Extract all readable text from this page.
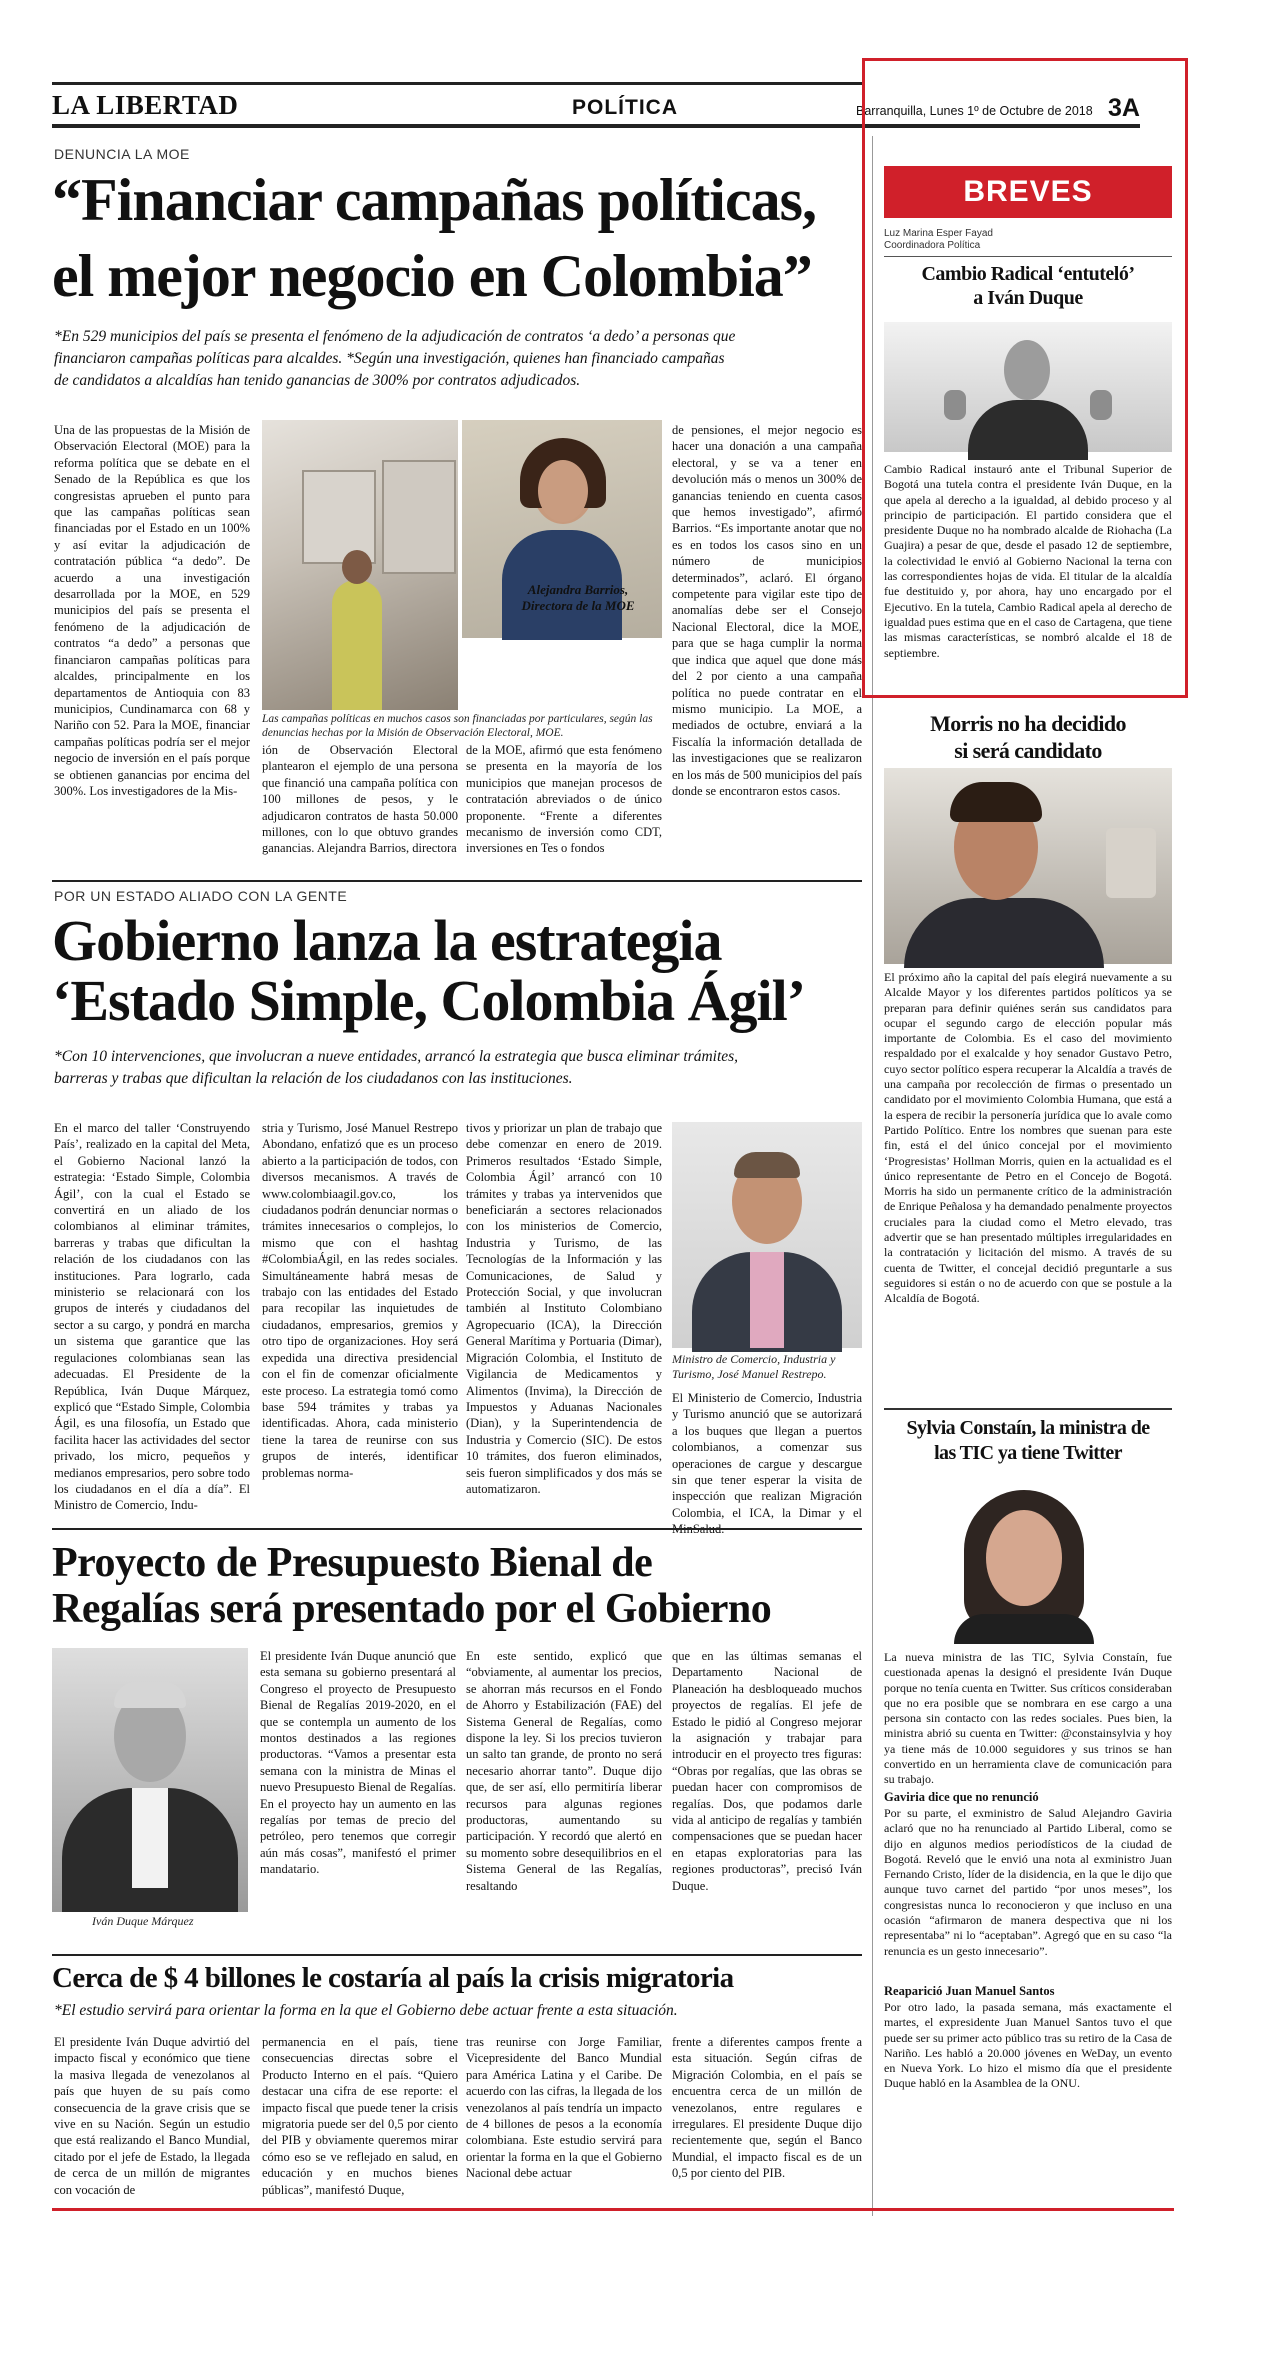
LA LIBERTAD	POLÍTICA	Barranquilla, Lunes 1º de Octubre de 2018 3A
DENUNCIA LA MOE
“Financiar campañas políticas,
el mejor negocio en Colombia”
*En 529 municipios del país se presenta el fenómeno de la adjudicación de contratos ‘a dedo’ a personas que
financiaron campañas políticas para alcaldes. *Según una investigación, quienes han financiado campañas
de candidatos a alcaldías han tenido ganancias de 300% por contratos adjudicados.
Una de las propuestas de la Misión de Observación Electoral (MOE) para la reforma política que se debate en el Senado de la República es que los congresistas aprueben el punto para que las campañas políticas sean financiadas por el Estado en un 100% y así evitar la adjudicación de contratación pública “a dedo”. De acuerdo a una investigación desarrollada por la MOE, en 529 municipios del país se presenta el fenómeno de la adjudicación de contratos “a dedo” a personas que financiaron campañas políticas para alcaldes, principalmente en los departamentos de Antioquia con 83 municipios, Cundinamarca con 68 y Nariño con 52. Para la MOE, financiar campañas políticas podría ser el mejor negocio de inversión en el país porque se obtienen ganancias por encima del 300%. Los investigadores de la Mis-
Alejandra Barrios,
Directora de la MOE
Las campañas políticas en muchos casos son financiadas por particulares, según las denuncias hechas por la Misión de Observación Electoral, MOE.
ión de Observación Electoral plantearon el ejemplo de una persona que financió una campaña política con 100 millones de pesos, y le adjudicaron contratos de hasta 50.000 millones, con lo que obtuvo grandes ganancias. Alejandra Barrios, directora
de la MOE, afirmó que esta fenómeno se presenta en la mayoría de los municipios que manejan procesos de contratación abreviados o de único proponente. “Frente a diferentes mecanismo de inversión como CDT, inversiones en Tes o fondos
de pensiones, el mejor negocio es hacer una donación a una campaña electoral, y se va a tener en devolución más o menos un 300% de ganancias teniendo en cuenta casos que hemos investigado”, afirmó Barrios. “Es importante anotar que no es en todos los casos sino en un número de municipios determinados”, aclaró. El órgano competente para vigilar este tipo de anomalías debe ser el Consejo Nacional Electoral, dice la MOE, para que se haga cumplir la norma que indica que aquel que done más del 2 por ciento a una campaña política no puede contratar en el mismo municipio. La MOE, a mediados de octubre, enviará a la Fiscalía la información detallada de las investigaciones que se realizaron en los más de 500 municipios del país donde se encontraron estos casos.
POR UN ESTADO ALIADO CON LA GENTE
Gobierno lanza la estrategia
‘Estado Simple, Colombia Ágil’
*Con 10 intervenciones, que involucran a nueve entidades, arrancó la estrategia que busca eliminar trámites,
barreras y trabas que dificultan la relación de los ciudadanos con las instituciones.
En el marco del taller ‘Construyendo País’, realizado en la capital del Meta, el Gobierno Nacional lanzó la estrategia: ‘Estado Simple, Colombia Ágil’, con la cual el Estado se convertirá en un aliado de los colombianos al eliminar trámites, barreras y trabas que dificultan la relación de los ciudadanos con las instituciones. Para lograrlo, cada ministerio se relacionará con los grupos de interés y ciudadanos del sector a su cargo, y pondrá en marcha un sistema que garantice que las regulaciones colombianas sean las adecuadas. El Presidente de la República, Iván Duque Márquez, explicó que “Estado Simple, Colombia Ágil, es una filosofía, un Estado que facilita hacer las actividades del sector privado, los micro, pequeños y medianos empresarios, pero sobre todo los ciudadanos en el día a día”. El Ministro de Comercio, Indu-
stria y Turismo, José Manuel Restrepo Abondano, enfatizó que es un proceso abierto a la participación de todos, con diversos mecanismos. A través de www.colombiaagil.gov.co, los ciudadanos podrán denunciar normas o trámites innecesarios o complejos, lo mismo que con el hashtag #ColombiaÁgil, en las redes sociales. Simultáneamente habrá mesas de trabajo con las entidades del Estado para recopilar las inquietudes de ciudadanos, empresarios, gremios y otro tipo de organizaciones. Hoy será expedida una directiva presidencial con el fin de comenzar oficialmente este proceso. La estrategia tomó como base 594 trámites y trabas ya identificadas. Ahora, cada ministerio tiene la tarea de reunirse con sus grupos de interés, identificar problemas norma-
tivos y priorizar un plan de trabajo que debe comenzar en enero de 2019. Primeros resultados ‘Estado Simple, Colombia Ágil’ arrancó con 10 trámites y trabas ya intervenidos que beneficiarán a sectores relacionados con los ministerios de Comercio, Industria y Turismo, de las Tecnologías de la Información y las Comunicaciones, de Salud y Protección Social, y que involucran también al Instituto Colombiano Agropecuario (ICA), la Dirección General Marítima y Portuaria (Dimar), Migración Colombia, el Instituto de Vigilancia de Medicamentos y Alimentos (Invima), la Dirección de Impuestos y Aduanas Nacionales (Dian), y la Superintendencia de Industria y Comercio (SIC). De estos 10 trámites, dos fueron eliminados, seis fueron simplificados y dos más se automatizaron.
Ministro de Comercio, Industria y Turismo, José Manuel Restrepo.
El Ministerio de Comercio, Industria y Turismo anunció que se autorizará a los buques que llegan a puertos colombianos, a comenzar sus operaciones de cargue y descargue sin que tener esperar la visita de inspección que realizan Migración Colombia, el ICA, la Dimar y el
Proyecto de Presupuesto Bienal de
Regalías será presentado por el Gobierno
Iván Duque Márquez
El presidente Iván Duque anunció que esta semana su gobierno presentará al Congreso el proyecto de Presupuesto Bienal de Regalías 2019-2020, en el que se contempla un aumento de los montos destinados a las regiones productoras. “Vamos a presentar esta semana con la ministra de Minas el nuevo Presupuesto Bienal de Regalías. En el proyecto hay un aumento en las regalías por temas de precio del petróleo, pero tenemos que corregir aún más cosas”, manifestó el primer mandatario.
En este sentido, explicó que “obviamente, al aumentar los precios, se ahorran más recursos en el Fondo de Ahorro y Estabilización (FAE) del Sistema General de Regalías, como dispone la ley. Si los precios tuvieron un salto tan grande, de pronto no será necesario ahorrar tanto”. Duque dijo que, de ser así, ello permitiría liberar recursos para algunas regiones productoras, aumentando su participación. Y recordó que alertó en su momento sobre desequilibrios en el Sistema General de las Regalías, resaltando
que en las últimas semanas el Departamento Nacional de Planeación ha desbloqueado muchos proyectos de regalías. El jefe de Estado le pidió al Congreso mejorar la asignación y trabajar para introducir en el proyecto tres figuras: “Obras por regalías, que las obras se puedan hacer con compromisos de regalías. Dos, que podamos darle vida al anticipo de regalías y también compensaciones que se puedan hacer en etapas exploratorias para las regiones productoras”, precisó Iván Duque.
Cerca de $ 4 billones le costaría al país la crisis migratoria
*El estudio servirá para orientar la forma en la que el Gobierno debe actuar frente a esta situación.
El presidente Iván Duque advirtió del impacto fiscal y económico que tiene la masiva llegada de venezolanos al país que huyen de su país como consecuencia de la grave crisis que se vive en su Nación. Según un estudio que está realizando el Banco Mundial, citado por el jefe de Estado, la llegada de cerca de un millón de migrantes con vocación de
permanencia en el país, tiene consecuencias directas sobre el Producto Interno en el país. “Quiero destacar una cifra de ese reporte: el impacto fiscal que puede tener la crisis migratoria puede ser del 0,5 por ciento del PIB y obviamente queremos mirar cómo eso se ve reflejado en salud, en educación y en muchos bienes públicas”, manifestó Duque,
tras reunirse con Jorge Familiar, Vicepresidente del Banco Mundial para América Latina y el Caribe. De acuerdo con las cifras, la llegada de los venezolanos al país tendría un impacto de 4 billones de pesos a la economía colombiana. Este estudio servirá para orientar la forma en la que el Gobierno Nacional debe actuar
frente a diferentes campos frente a esta situación. Según cifras de Migración Colombia, en el país se encuentra cerca de un millón de venezolanos, entre regulares e irregulares. El presidente Duque dijo recientemente que, según el Banco Mundial, el impacto fiscal es de un 0,5 por ciento del PIB.
BREVES
Luz Marina Esper Fayad
Coordinadora Política
Cambio Radical ‘entuteló’
a Iván Duque
Cambio Radical instauró ante el Tribunal Superior de Bogotá una tutela contra el presidente Iván Duque, en la que apela al derecho a la igualdad, al debido proceso y al principio de participación. El partido considera que el presidente Duque no ha nombrado alcalde de Riohacha (La Guajira) a pesar de que, desde el pasado 12 de septiembre, la colectividad le envió al Gobierno Nacional la terna con las correspondientes hojas de vida. El titular de la alcaldía fue destituido y, por ahora, hay uno encargado por el Ejecutivo. En la tutela, Cambio Radical apela al derecho de igualdad pues estima que en el caso de Cartagena, que tiene las mismas características, se nombró alcalde el 18 de septiembre.
Morris no ha decidido
si será candidato
El próximo año la capital del país elegirá nuevamente a su Alcalde Mayor y los diferentes partidos políticos ya se preparan para definir quiénes serán sus candidatos para ocupar el segundo cargo de elección popular más importante de Colombia. Es el caso del movimiento respaldado por el exalcalde y hoy senador Gustavo Petro, cuyo sector político espera recuperar la Alcaldía a través de una campaña por recolección de firmas o presentado un candidato por el movimiento Colombia Humana, que está a la espera de recibir la personería jurídica que lo avale como Partido Político. Entre los nombres que suenan para este fin, está el del único concejal por el movimiento ‘Progresistas’ Hollman Morris, quien en la actualidad es el único representante de Petro en el Concejo de Bogotá. Morris ha sido un permanente crítico de la administración de Enrique Peñalosa y ha demandado penalmente proyectos cruciales para la ciudad como el Metro elevado, tras advertir que se han presentado múltiples irregularidades en la contratación y licitación del mismo. A través de su cuenta de Twitter, el concejal decidió preguntarle a sus seguidores si están o no de acuerdo con que se postule a la Alcaldía de Bogotá.
Sylvia Constaín, la ministra de
las TIC ya tiene Twitter
La nueva ministra de las TIC, Sylvia Constaín, fue cuestionada apenas la designó el presidente Iván Duque porque no tenía cuenta en Twitter. Sus críticos consideraban que no era posible que se nombrara en ese cargo a una persona sin contacto con las redes sociales. Pues bien, la ministra abrió su cuenta en Twitter: @constainsylvia y hoy ya tiene más de 10.000 seguidores y sus trinos se han convertido en un herramienta clave de comunicación para su trabajo.
Gaviria dice que no renunció
Por su parte, el exministro de Salud Alejandro Gaviria aclaró que no ha renunciado al Partido Liberal, como se dijo en algunos medios periodísticos de la ciudad de Bogotá. Reveló que le envió una nota al exministro Juan Fernando Cristo, líder de la disidencia, en la que le dijo que aunque tuvo carnet del partido “por unos meses”, los congresistas nunca lo reconocieron y que incluso en una ocasión “afirmaron de manera despectiva que ni los representaba” ni lo “aceptaban”. Agregó que en su caso “la renuncia es un gesto innecesario”.
Reaparició Juan Manuel Santos
Por otro lado, la pasada semana, más exactamente el martes, el expresidente Juan Manuel Santos tuvo el que puede ser su primer acto público tras su retiro de la Casa de Nariño. Les habló a 20.000 jóvenes en WeDay, un evento en Nueva York. Lo hizo el mismo día que el presidente Duque habló en la Asamblea de la ONU.
